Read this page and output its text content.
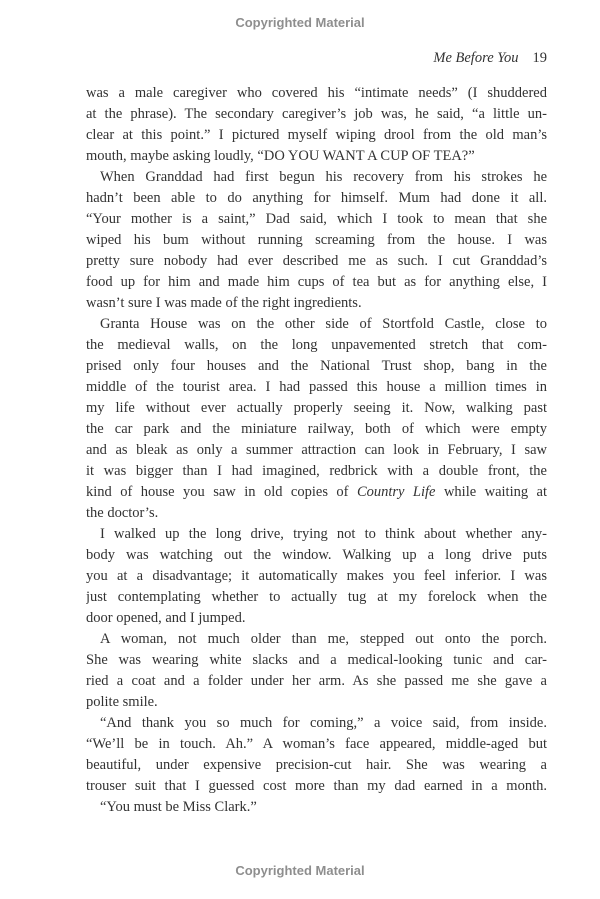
Copyrighted Material
Me Before You 19
was a male caregiver who covered his “intimate needs” (I shuddered
at the phrase). The secondary caregiver’s job was, he said, “a little un-
clear at this point.” I pictured myself wiping drool from the old man’s
mouth, maybe asking loudly, “DO YOU WANT A CUP OF TEA?”
When Granddad had first begun his recovery from his strokes he
hadn’t been able to do anything for himself. Mum had done it all.
“Your mother is a saint,” Dad said, which I took to mean that she
wiped his bum without running screaming from the house. I was
pretty sure nobody had ever described me as such. I cut Granddad’s
food up for him and made him cups of tea but as for anything else, I
wasn’t sure I was made of the right ingredients.
Granta House was on the other side of Stortfold Castle, close to
the medieval walls, on the long unpavemented stretch that com-
prised only four houses and the National Trust shop, bang in the
middle of the tourist area. I had passed this house a million times in
my life without ever actually properly seeing it. Now, walking past
the car park and the miniature railway, both of which were empty
and as bleak as only a summer attraction can look in February, I saw
it was bigger than I had imagined, redbrick with a double front, the
kind of house you saw in old copies of Country Life while waiting at
the doctor’s.
I walked up the long drive, trying not to think about whether any-
body was watching out the window. Walking up a long drive puts
you at a disadvantage; it automatically makes you feel inferior. I was
just contemplating whether to actually tug at my forelock when the
door opened, and I jumped.
A woman, not much older than me, stepped out onto the porch.
She was wearing white slacks and a medical-looking tunic and car-
ried a coat and a folder under her arm. As she passed me she gave a
polite smile.
“And thank you so much for coming,” a voice said, from inside.
“We’ll be in touch. Ah.” A woman’s face appeared, middle-aged but
beautiful, under expensive precision-cut hair. She was wearing a
trouser suit that I guessed cost more than my dad earned in a month.
“You must be Miss Clark.”
Copyrighted Material
